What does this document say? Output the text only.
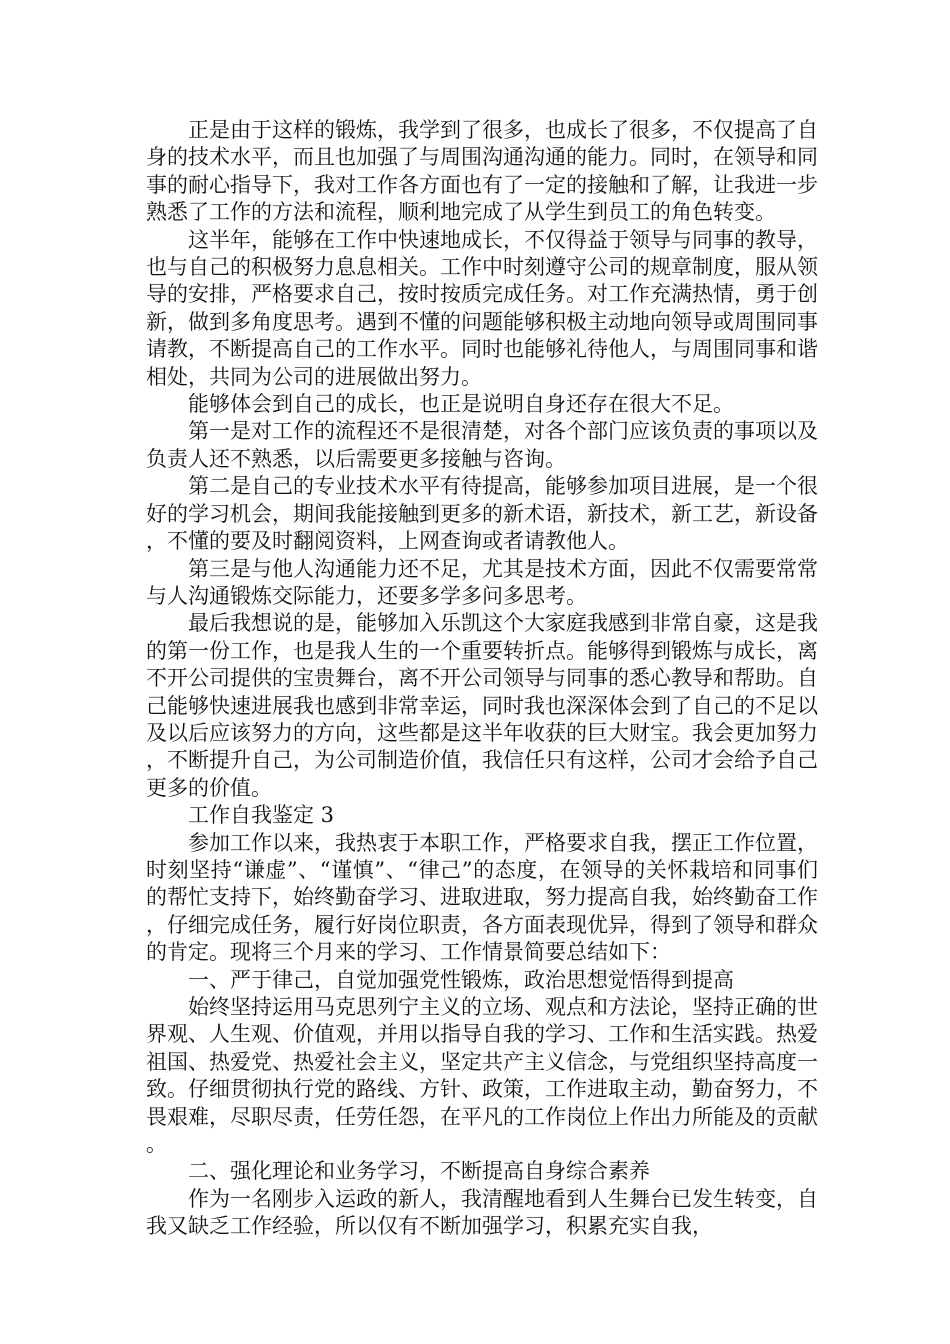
正是由于这样的锻炼，我学到了很多，也成长了很多，不仅提高了自身的技术水平，而且也加强了与周围沟通沟通的能力。同时，在领导和同事的耐心指导下，我对工作各方面也有了一定的接触和了解，让我进一步熟悉了工作的方法和流程，顺利地完成了从学生到员工的角色转变。

这半年，能够在工作中快速地成长，不仅得益于领导与同事的教导，也与自己的积极努力息息相关。工作中时刻遵守公司的规章制度，服从领导的安排，严格要求自己，按时按质完成任务。对工作充满热情，勇于创新，做到多角度思考。遇到不懂的问题能够积极主动地向领导或周围同事请教，不断提高自己的工作水平。同时也能够礼待他人，与周围同事和谐相处，共同为公司的进展做出努力。

能够体会到自己的成长，也正是说明自身还存在很大不足。

第一是对工作的流程还不是很清楚，对各个部门应该负责的事项以及负责人还不熟悉，以后需要更多接触与咨询。

第二是自己的专业技术水平有待提高，能够参加项目进展，是一个很好的学习机会，期间我能接触到更多的新术语，新技术，新工艺，新设备，不懂的要及时翻阅资料，上网查询或者请教他人。

第三是与他人沟通能力还不足，尤其是技术方面，因此不仅需要常常与人沟通锻炼交际能力，还要多学多问多思考。

最后我想说的是，能够加入乐凯这个大家庭我感到非常自豪，这是我的第一份工作，也是我人生的一个重要转折点。能够得到锻炼与成长，离不开公司提供的宝贵舞台，离不开公司领导与同事的悉心教导和帮助。自己能够快速进展我也感到非常幸运，同时我也深深体会到了自己的不足以及以后应该努力的方向，这些都是这半年收获的巨大财宝。我会更加努力，不断提升自己，为公司制造价值，我信任只有这样，公司才会给予自己更多的价值。

工作自我鉴定 3

参加工作以来，我热衷于本职工作，严格要求自我，摆正工作位置，时刻坚持“谦虚”、“谨慎”、“律己”的态度，在领导的关怀栽培和同事们的帮忙支持下，始终勤奋学习、进取进取，努力提高自我，始终勤奋工作，仔细完成任务，履行好岗位职责，各方面表现优异，得到了领导和群众的肯定。现将三个月来的学习、工作情景简要总结如下：

一、严于律己，自觉加强党性锻炼，政治思想觉悟得到提高

始终坚持运用马克思列宁主义的立场、观点和方法论，坚持正确的世界观、人生观、价值观，并用以指导自我的学习、工作和生活实践。热爱祖国、热爱党、热爱社会主义，坚定共产主义信念，与党组织坚持高度一致。仔细贯彻执行党的路线、方针、政策，工作进取主动，勤奋努力，不畏艰难，尽职尽责，任劳任怨，在平凡的工作岗位上作出力所能及的贡献。

二、强化理论和业务学习，不断提高自身综合素养

作为一名刚步入运政的新人，我清醒地看到人生舞台已发生转变，自我又缺乏工作经验，所以仅有不断加强学习，积累充实自我，
